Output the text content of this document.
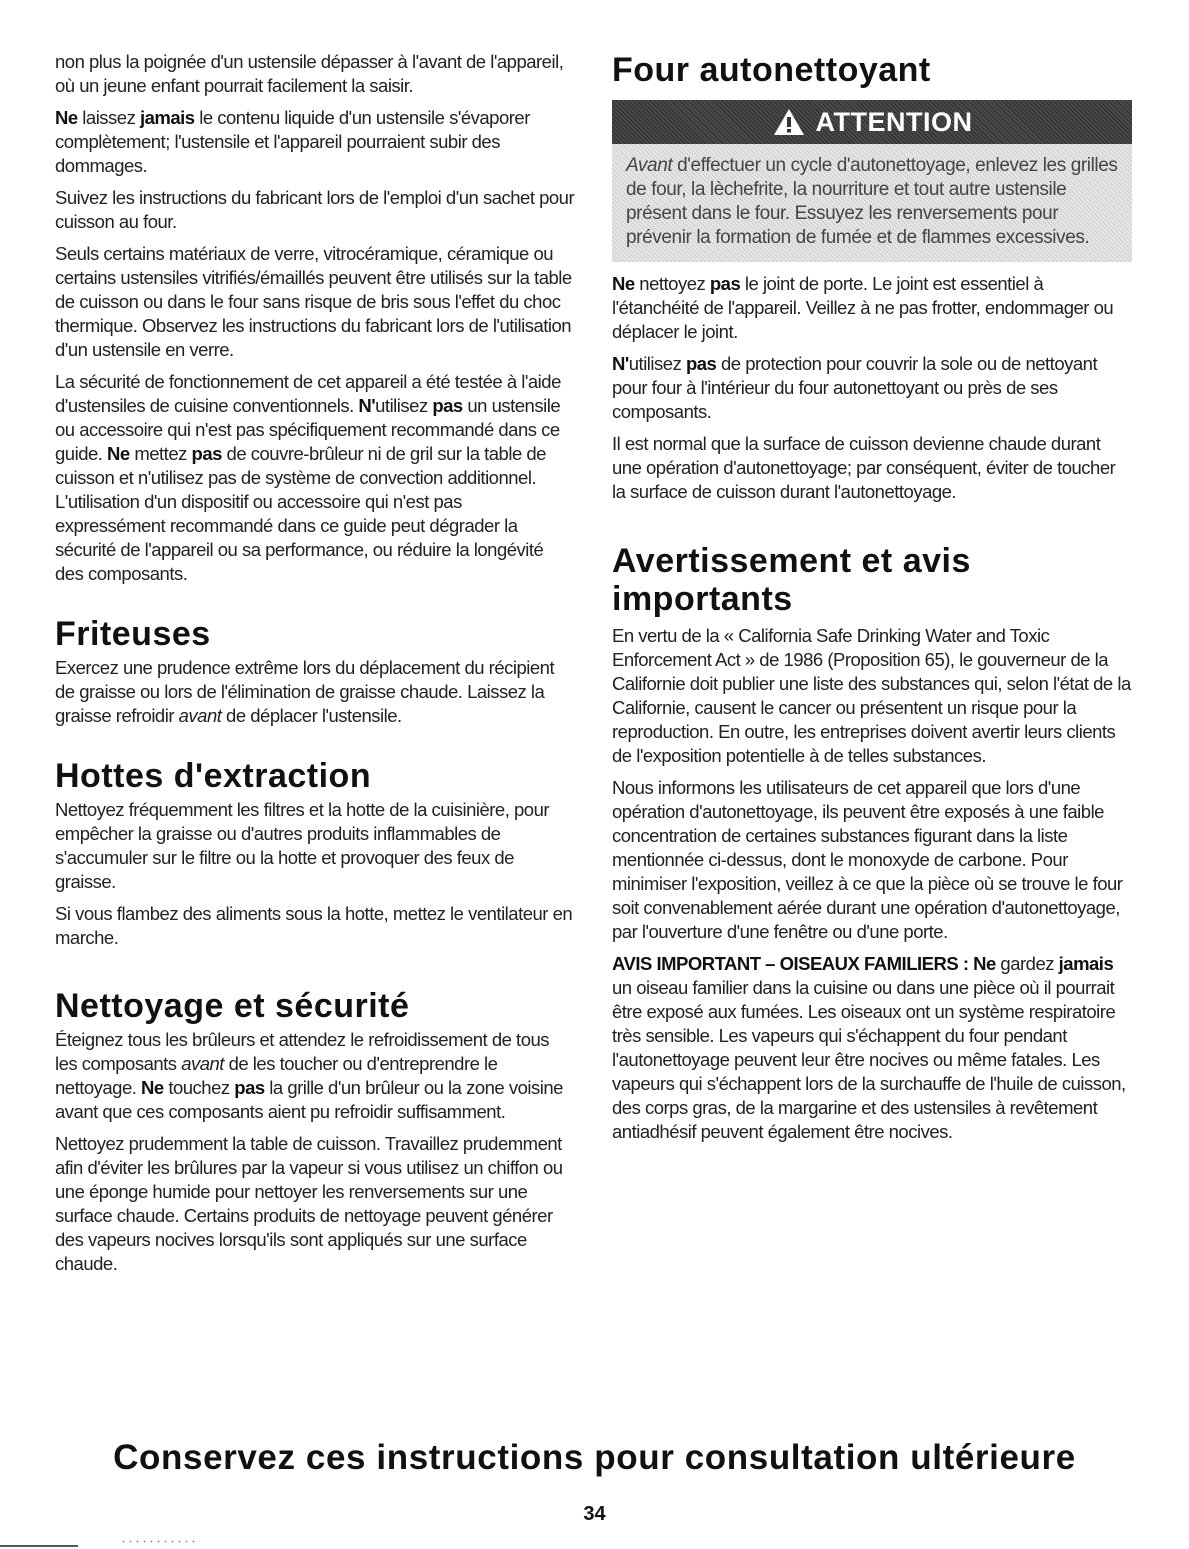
non plus la poignée d'un ustensile dépasser à l'avant de l'appareil, où un jeune enfant pourrait facilement la saisir.

Ne laissez jamais le contenu liquide d'un ustensile s'évaporer complètement; l'ustensile et l'appareil pourraient subir des dommages.

Suivez les instructions du fabricant lors de l'emploi d'un sachet pour cuisson au four.

Seuls certains matériaux de verre, vitrocéramique, céramique ou certains ustensiles vitrifiés/émaillés peuvent être utilisés sur la table de cuisson ou dans le four sans risque de bris sous l'effet du choc thermique. Observez les instructions du fabricant lors de l'utilisation d'un ustensile en verre.

La sécurité de fonctionnement de cet appareil a été testée à l'aide d'ustensiles de cuisine conventionnels. N'utilisez pas un ustensile ou accessoire qui n'est pas spécifiquement recommandé dans ce guide. Ne mettez pas de couvre-brûleur ni de gril sur la table de cuisson et n'utilisez pas de système de convection additionnel. L'utilisation d'un dispositif ou accessoire qui n'est pas expressément recommandé dans ce guide peut dégrader la sécurité de l'appareil ou sa performance, ou réduire la longévité des composants.

Friteuses

Exercez une prudence extrême lors du déplacement du récipient de graisse ou lors de l'élimination de graisse chaude. Laissez la graisse refroidir avant de déplacer l'ustensile.

Hottes d'extraction

Nettoyez fréquemment les filtres et la hotte de la cuisinière, pour empêcher la graisse ou d'autres produits inflammables de s'accumuler sur le filtre ou la hotte et provoquer des feux de graisse.

Si vous flambez des aliments sous la hotte, mettez le ventilateur en marche.

Nettoyage et sécurité

Éteignez tous les brûleurs et attendez le refroidissement de tous les composants avant de les toucher ou d'entreprendre le nettoyage. Ne touchez pas la grille d'un brûleur ou la zone voisine avant que ces composants aient pu refroidir suffisamment.

Nettoyez prudemment la table de cuisson. Travaillez prudemment afin d'éviter les brûlures par la vapeur si vous utilisez un chiffon ou une éponge humide pour nettoyer les renversements sur une surface chaude. Certains produits de nettoyage peuvent générer des vapeurs nocives lorsqu'ils sont appliqués sur une surface chaude.

Four autonettoyant
ATTENTION
Avant d'effectuer un cycle d'autonettoyage, enlevez les grilles de four, la lèchefrite, la nourriture et tout autre ustensile présent dans le four. Essuyez les renversements pour prévenir la formation de fumée et de flammes excessives.

Ne nettoyez pas le joint de porte. Le joint est essentiel à l'étanchéité de l'appareil. Veillez à ne pas frotter, endommager ou déplacer le joint.

N'utilisez pas de protection pour couvrir la sole ou de nettoyant pour four à l'intérieur du four autonettoyant ou près de ses composants.

Il est normal que la surface de cuisson devienne chaude durant une opération d'autonettoyage; par conséquent, éviter de toucher la surface de cuisson durant l'autonettoyage.

Avertissement et avis
importants

En vertu de la « California Safe Drinking Water and Toxic Enforcement Act » de 1986 (Proposition 65), le gouverneur de la Californie doit publier une liste des substances qui, selon l'état de la Californie, causent le cancer ou présentent un risque pour la reproduction. En outre, les entreprises doivent avertir leurs clients de l'exposition potentielle à de telles substances.

Nous informons les utilisateurs de cet appareil que lors d'une opération d'autonettoyage, ils peuvent être exposés à une faible concentration de certaines substances figurant dans la liste mentionnée ci-dessus, dont le monoxyde de carbone. Pour minimiser l'exposition, veillez à ce que la pièce où se trouve le four soit convenablement aérée durant une opération d'autonettoyage, par l'ouverture d'une fenêtre ou d'une porte.

AVIS IMPORTANT – OISEAUX FAMILIERS : Ne gardez jamais un oiseau familier dans la cuisine ou dans une pièce où il pourrait être exposé aux fumées. Les oiseaux ont un système respiratoire très sensible. Les vapeurs qui s'échappent du four pendant l'autonettoyage peuvent leur être nocives ou même fatales. Les vapeurs qui s'échappent lors de la surchauffe de l'huile de cuisson, des corps gras, de la margarine et des ustensiles à revêtement antiadhésif peuvent également être nocives.

Conservez ces instructions pour consultation ultérieure
34
